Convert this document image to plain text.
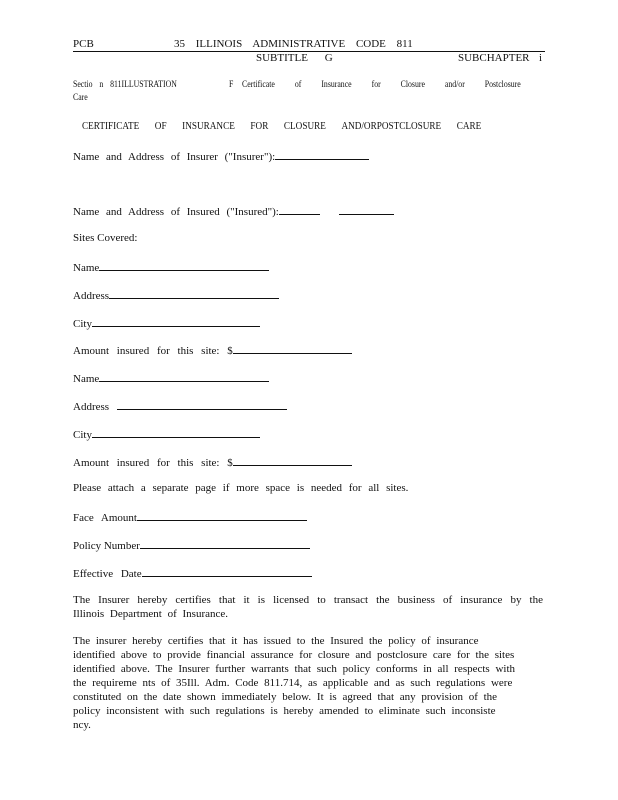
PCB	35 ILLINOIS ADMINISTRATIVE CODE 811
SUBTITLE G	SUBCHAPTER i
Sectio n 811ILLUSTRATION	F Certificate of Insurance for Closure and/or Postclosure
Care
CERTIFICATE OF INSURANCE FOR CLOSURE AND/ORPOSTCLOSURE CARE
Name and Address of Insurer ("Insurer"):
Name and Address of Insured ("Insured"):
Sites Covered:
Name
Address
City
Amount insured for this site: $
Name
Address
City
Amount insured for this site: $
Please attach a separate page if more space is needed for all sites.
Face Amount
Policy Number
Effective Date
The Insurer hereby certifies that it is licensed to transact the business of insurance by the Illinois Department of Insurance.
The insurer hereby certifies that it has issued to the Insured the policy of insurance identified above to provide financial assurance for closure and postclosure care for the sites identified above. The Insurer further warrants that such policy conforms in all respects with the requireme nts of 35Ill. Adm. Code 811.714, as applicable and as such regulations were constituted on the date shown immediately below. It is agreed that any provision of the policy inconsistent with such regulations is hereby amended to eliminate such inconsiste ncy.
